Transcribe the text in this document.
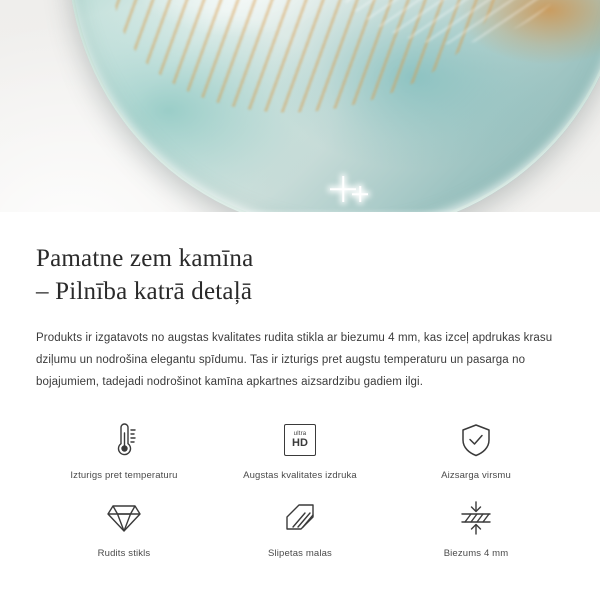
Pamatne zem kamīna
– Pilnība katrā detaļā

Produkts ir izgatavots no augstas kvalitates rudita stikla ar biezumu 4 mm, kas izceļ apdrukas krasu dziļumu un nodrošina elegantu spīdumu. Tas ir izturigs pret augstu temperaturu un pasarga no bojajumiem, tadejadi nodrošinot kamīna apkartnes aizsardzibu gadiem ilgi.

Izturigs pret temperaturu
ultra
HD
Augstas kvalitates izdruka	Aizsarga virsmu
Rudits stikls	Slipetas malas	Biezums 4 mm
